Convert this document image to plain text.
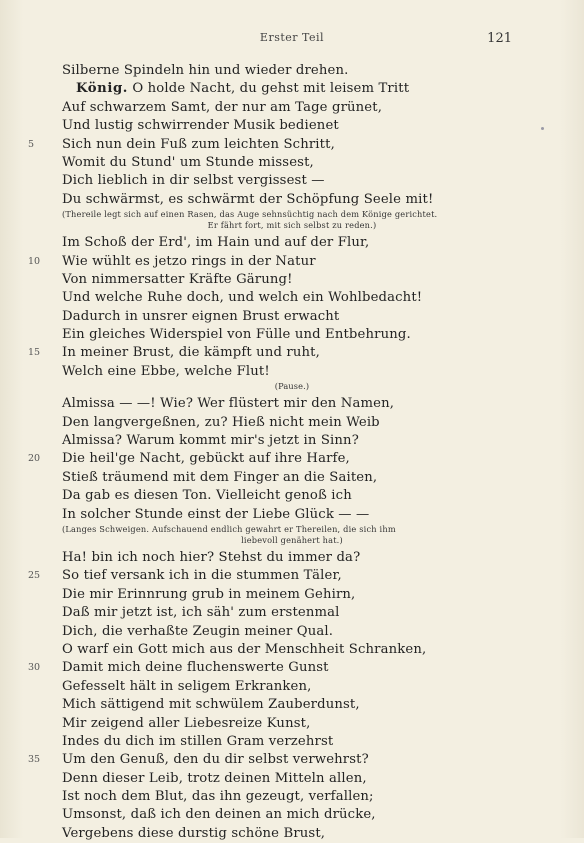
Erster Teil	121
Silberne Spindeln hin und wieder drehen.
König. O holde Nacht, du gehst mit leisem Tritt
Auf schwarzem Samt, der nur am Tage grünet,
Und lustig schwirrender Musik bedienet
5	Sich nun dein Fuß zum leichten Schritt,
Womit du Stund' um Stunde missest,
Dich lieblich in dir selbst vergissest —
Du schwärmst, es schwärmt der Schöpfung Seele mit!
(Thereile legt sich auf einen Rasen, das Auge sehnsüchtig nach dem Könige gerichtet.
Er fährt fort, mit sich selbst zu reden.)
Im Schoß der Erd', im Hain und auf der Flur,
10	Wie wühlt es jetzo rings in der Natur
Von nimmersatter Kräfte Gärung!
Und welche Ruhe doch, und welch ein Wohlbedacht!
Dadurch in unsrer eignen Brust erwacht
Ein gleiches Widerspiel von Fülle und Entbehrung.
15	In meiner Brust, die kämpft und ruht,
Welch eine Ebbe, welche Flut!
(Pause.)
Almissa — —! Wie? Wer flüstert mir den Namen,
Den langvergeßnen, zu? Hieß nicht mein Weib
Almissa? Warum kommt mir's jetzt in Sinn?
20	Die heil'ge Nacht, gebückt auf ihre Harfe,
Stieß träumend mit dem Finger an die Saiten,
Da gab es diesen Ton. Vielleicht genoß ich
In solcher Stunde einst der Liebe Glück — —
(Langes Schweigen. Aufschauend endlich gewahrt er Thereilen, die sich ihm
liebevoll genähert hat.)
Ha! bin ich noch hier? Stehst du immer da?
25	So tief versank ich in die stummen Täler,
Die mir Erinnrung grub in meinem Gehirn,
Daß mir jetzt ist, ich säh' zum erstenmal
Dich, die verhaßte Zeugin meiner Qual.
O warf ein Gott mich aus der Menschheit Schranken,
30	Damit mich deine fluchenswerte Gunst
Gefesselt hält in seligem Erkranken,
Mich sättigend mit schwülem Zauberdunst,
Mir zeigend aller Liebesreize Kunst,
Indes du dich im stillen Gram verzehrst
35	Um den Genuß, den du dir selbst verwehrst?
Denn dieser Leib, trotz deinen Mitteln allen,
Ist noch dem Blut, das ihn gezeugt, verfallen;
Umsonst, daß ich den deinen an mich drücke,
Vergebens diese durstig schöne Brust,
